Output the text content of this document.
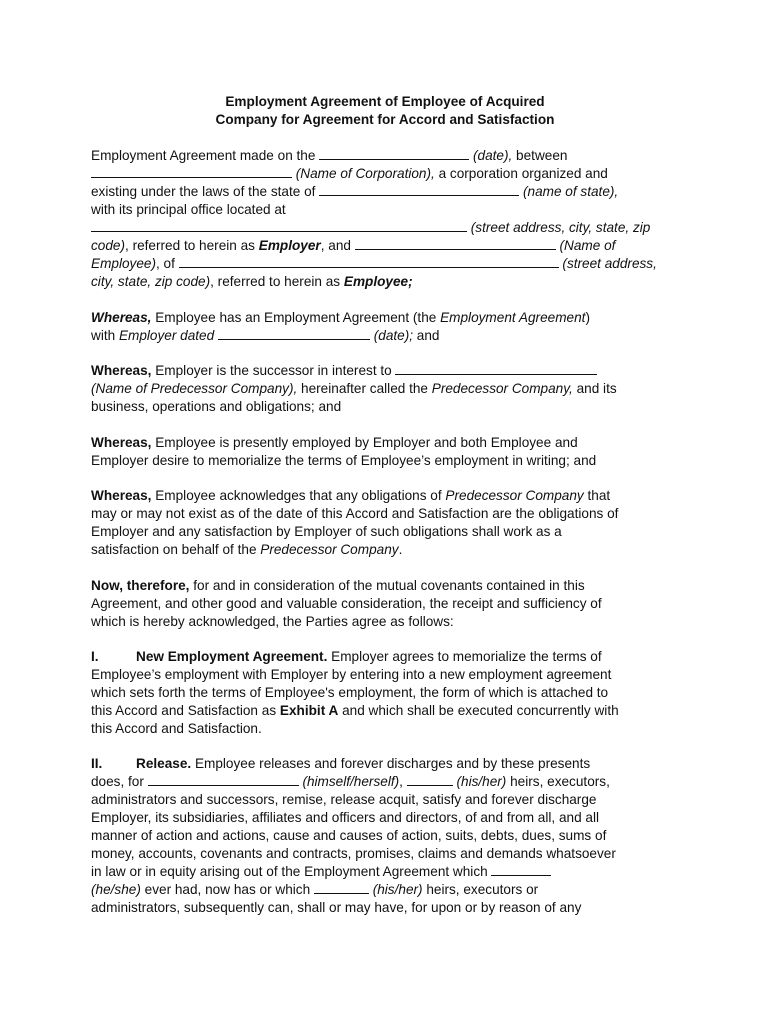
Employment Agreement of Employee of Acquired
Company for Agreement for Accord and Satisfaction
Employment Agreement made on the	(date), between
(Name of Corporation), a corporation organized and
existing under the laws of the state of	(name of state),
with its principal office located at
(street address, city, state, zip
code), referred to herein as Employer, and	(Name of
Employee), of	(street address,
city, state, zip code), referred to herein as Employee;
Whereas, Employee has an Employment Agreement (the Employment Agreement)
with Employer dated	(date); and
Whereas, Employer is the successor in interest to
(Name of Predecessor Company), hereinafter called the Predecessor Company, and its
business, operations and obligations; and
Whereas, Employee is presently employed by Employer and both Employee and
Employer desire to memorialize the terms of Employee’s employment in writing; and
Whereas, Employee acknowledges that any obligations of Predecessor Company that
may or may not exist as of the date of this Accord and Satisfaction are the obligations of
Employer and any satisfaction by Employer of such obligations shall work as a
satisfaction on behalf of the Predecessor Company.
Now, therefore, for and in consideration of the mutual covenants contained in this
Agreement, and other good and valuable consideration, the receipt and sufficiency of
which is hereby acknowledged, the Parties agree as follows:
I.	New Employment Agreement. Employer agrees to memorialize the terms of
Employee’s employment with Employer by entering into a new employment agreement
which sets forth the terms of Employee's employment, the form of which is attached to
this Accord and Satisfaction as Exhibit A and which shall be executed concurrently with
this Accord and Satisfaction.
II. Release. Employee releases and forever discharges and by these presents
does, for	(himself/herself),	(his/her) heirs, executors,
administrators and successors, remise, release acquit, satisfy and forever discharge
Employer, its subsidiaries, affiliates and officers and directors, of and from all, and all
manner of action and actions, cause and causes of action, suits, debts, dues, sums of
money, accounts, covenants and contracts, promises, claims and demands whatsoever
in law or in equity arising out of the Employment Agreement which
(he/she) ever had, now has or which	(his/her) heirs, executors or
administrators, subsequently can, shall or may have, for upon or by reason of any
